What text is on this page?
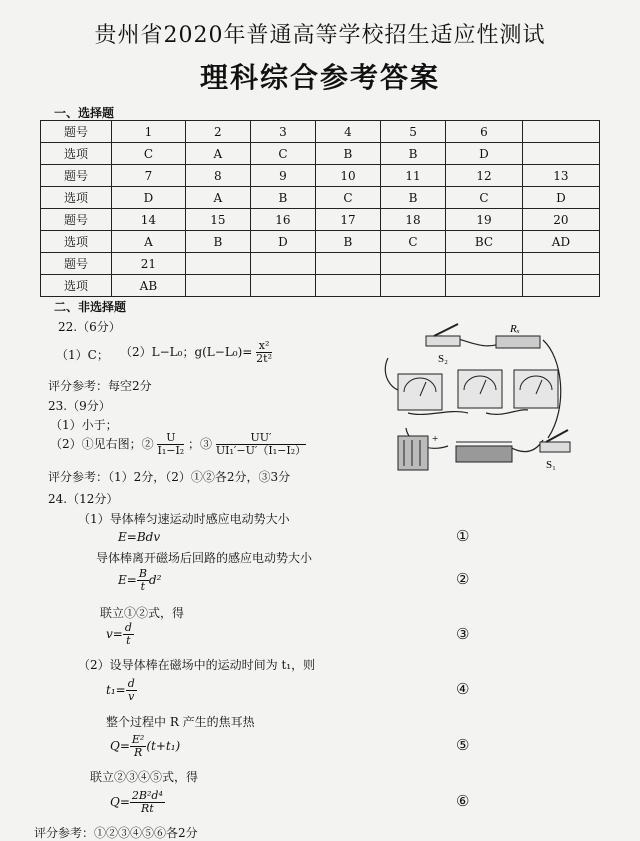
贵州省2020年普通高等学校招生适应性测试
理科综合参考答案
一、选择题
题号	1	2	3	4	5	6	
选项	C	A	C	B	B	D	
题号	7	8	9	10	11	12	13
选项	D	A	B	C	B	C	D
题号	14	15	16	17	18	19	20
选项	A	B	D	B	C	BC	AD
题号	21						
选项	AB						
二、非选择题
22.（6分）
（1）C； （2）L−L₀；$g(L-L_0)= \frac{\text{x²}}{\text{2t²}}$
评分参考：每空2分
23.（9分）
（1）小于；
（2）①见右图；② $\frac{U}{\text{I₁−I₂}}$ ；③ $\frac{UU'}{\text{UI₁′−U′（I₁−I₂）}}$
评分参考：（1）2分，（2）①②各2分，③3分
24.（12分）
（1）导体棒匀速运动时感应电动势大小
E=Bdv
导体棒离开磁场后回路的感应电动势大小
$E= \frac{B}{t} d^2$
联立①②式，得
$v= \frac{d}{t}$
（2）设导体棒在磁场中的运动时间为 t₁，则
$t_1= \frac{d}{v}$
整个过程中 R 产生的焦耳热
$Q= \frac{\text{E²}}{R} (t+t_1)$
联立②③④⑤式，得
$Q= \frac{\text{2B²d⁴}}{Rt}$
评分参考：①②③④⑤⑥各2分
①
②
③
④
⑤
⑥
Rₓ
S₂
S₁
+
